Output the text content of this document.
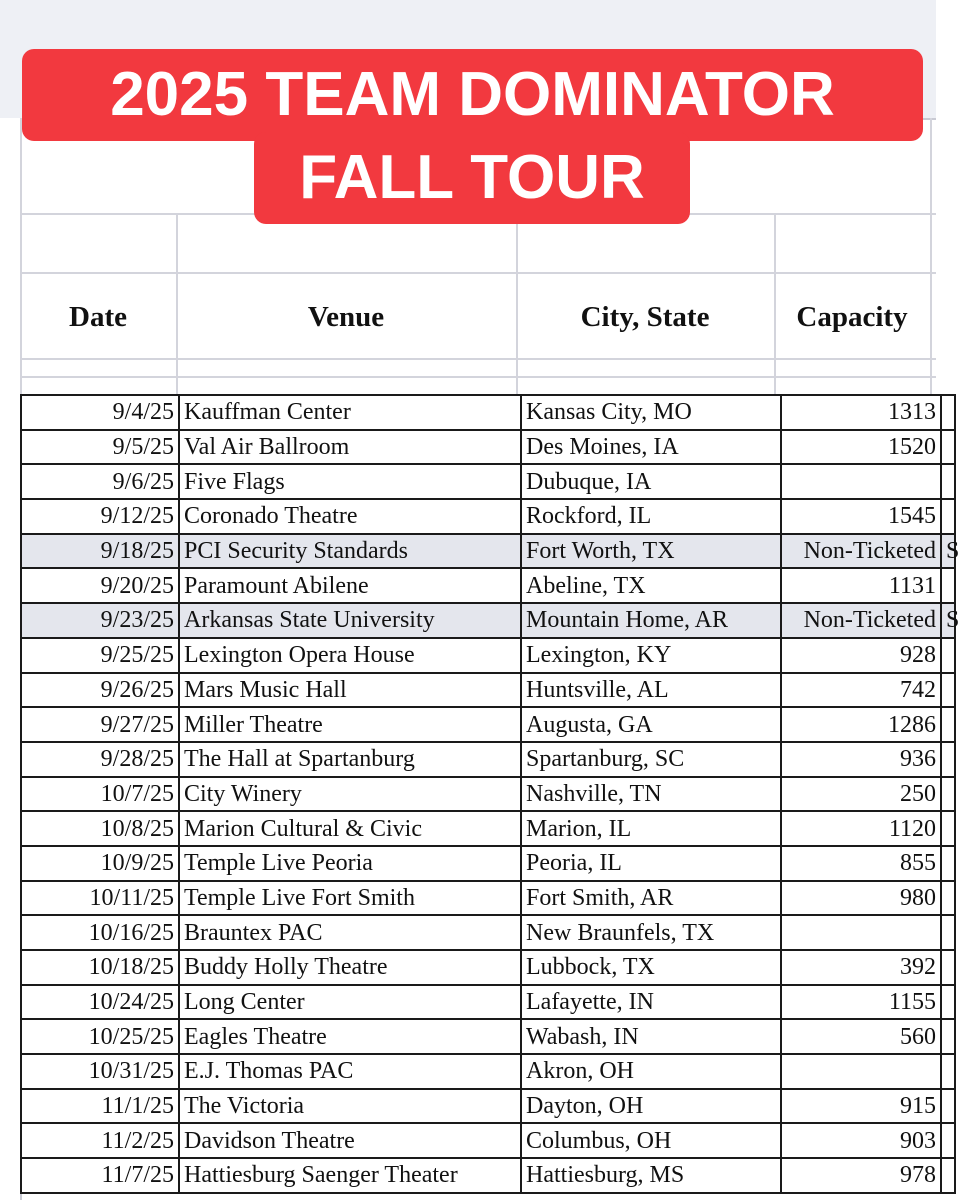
Date	Venue	City, State	Capacity
9/4/25	Kauffman Center	Kansas City, MO	1313	
9/5/25	Val Air Ballroom	Des Moines, IA	1520	
9/6/25	Five Flags	Dubuque, IA		
9/12/25	Coronado Theatre	Rockford, IL	1545	
9/18/25	PCI Security Standards	Fort Worth, TX	Non-Ticketed	S
9/20/25	Paramount Abilene	Abeline, TX	1131	
9/23/25	Arkansas State University	Mountain Home, AR	Non-Ticketed	S
9/25/25	Lexington Opera House	Lexington, KY	928	
9/26/25	Mars Music Hall	Huntsville, AL	742	
9/27/25	Miller Theatre	Augusta, GA	1286	
9/28/25	The Hall at Spartanburg	Spartanburg, SC	936	
10/7/25	City Winery	Nashville, TN	250	
10/8/25	Marion Cultural & Civic	Marion, IL	1120	
10/9/25	Temple Live Peoria	Peoria, IL	855	
10/11/25	Temple Live Fort Smith	Fort Smith, AR	980	
10/16/25	Brauntex PAC	New Braunfels, TX		
10/18/25	Buddy Holly Theatre	Lubbock, TX	392	
10/24/25	Long Center	Lafayette, IN	1155	
10/25/25	Eagles Theatre	Wabash, IN	560	
10/31/25	E.J. Thomas PAC	Akron, OH		
11/1/25	The Victoria	Dayton, OH	915	
11/2/25	Davidson Theatre	Columbus, OH	903	
11/7/25	Hattiesburg Saenger Theater	Hattiesburg, MS	978	
2025 TEAM DOMINATOR
FALL TOUR
